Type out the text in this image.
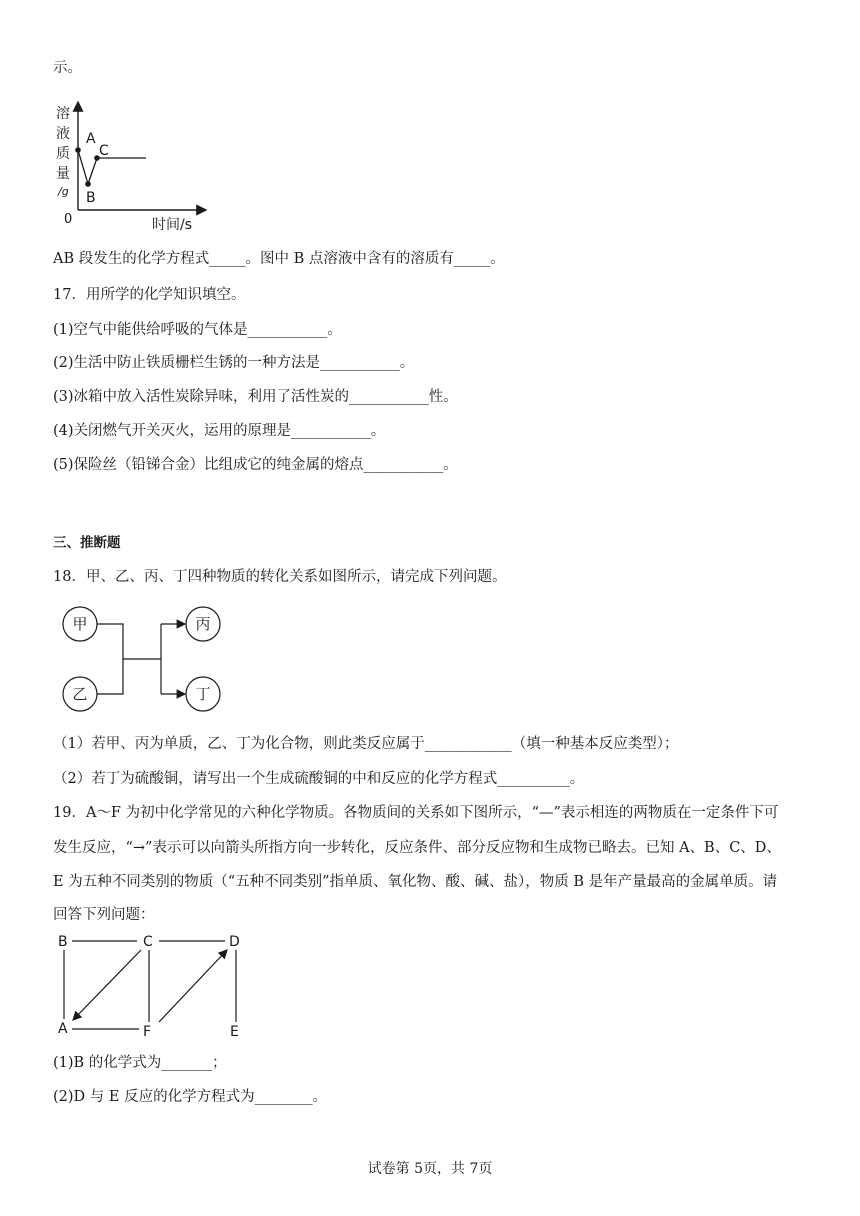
示。
溶
液
质
量
/g
0	时间/s
A
B
C
AB 段发生的化学方程式_____。图中 B 点溶液中含有的溶质有_____。
17．用所学的化学知识填空。
(1)空气中能供给呼吸的气体是___________。
(2)生活中防止铁质栅栏生锈的一种方法是___________。
(3)冰箱中放入活性炭除异味，利用了活性炭的___________性。
(4)关闭燃气开关灭火，运用的原理是___________。
(5)保险丝（铅锑合金）比组成它的纯金属的熔点___________。
三、推断题
18．甲、乙、丙、丁四种物质的转化关系如图所示，请完成下列问题。
甲
乙
丙
丁
（1）若甲、丙为单质，乙、丁为化合物，则此类反应属于____________（填一种基本反应类型）；
（2）若丁为硫酸铜，请写出一个生成硫酸铜的中和反应的化学方程式__________。
19．A～F 为初中化学常见的六种化学物质。各物质间的关系如下图所示，“—”表示相连的两物质在一定条件下可
发生反应，“→”表示可以向箭头所指方向一步转化，反应条件、部分反应物和生成物已略去。已知 A、B、C、D、
E 为五种不同类别的物质（“五种不同类别”指单质、氧化物、酸、碱、盐），物质 B 是年产量最高的金属单质。请
回答下列问题：
B	C	D
A	F	E
(1)B 的化学式为_______；
(2)D 与 E 反应的化学方程式为________。
试卷第 5页，共 7页
